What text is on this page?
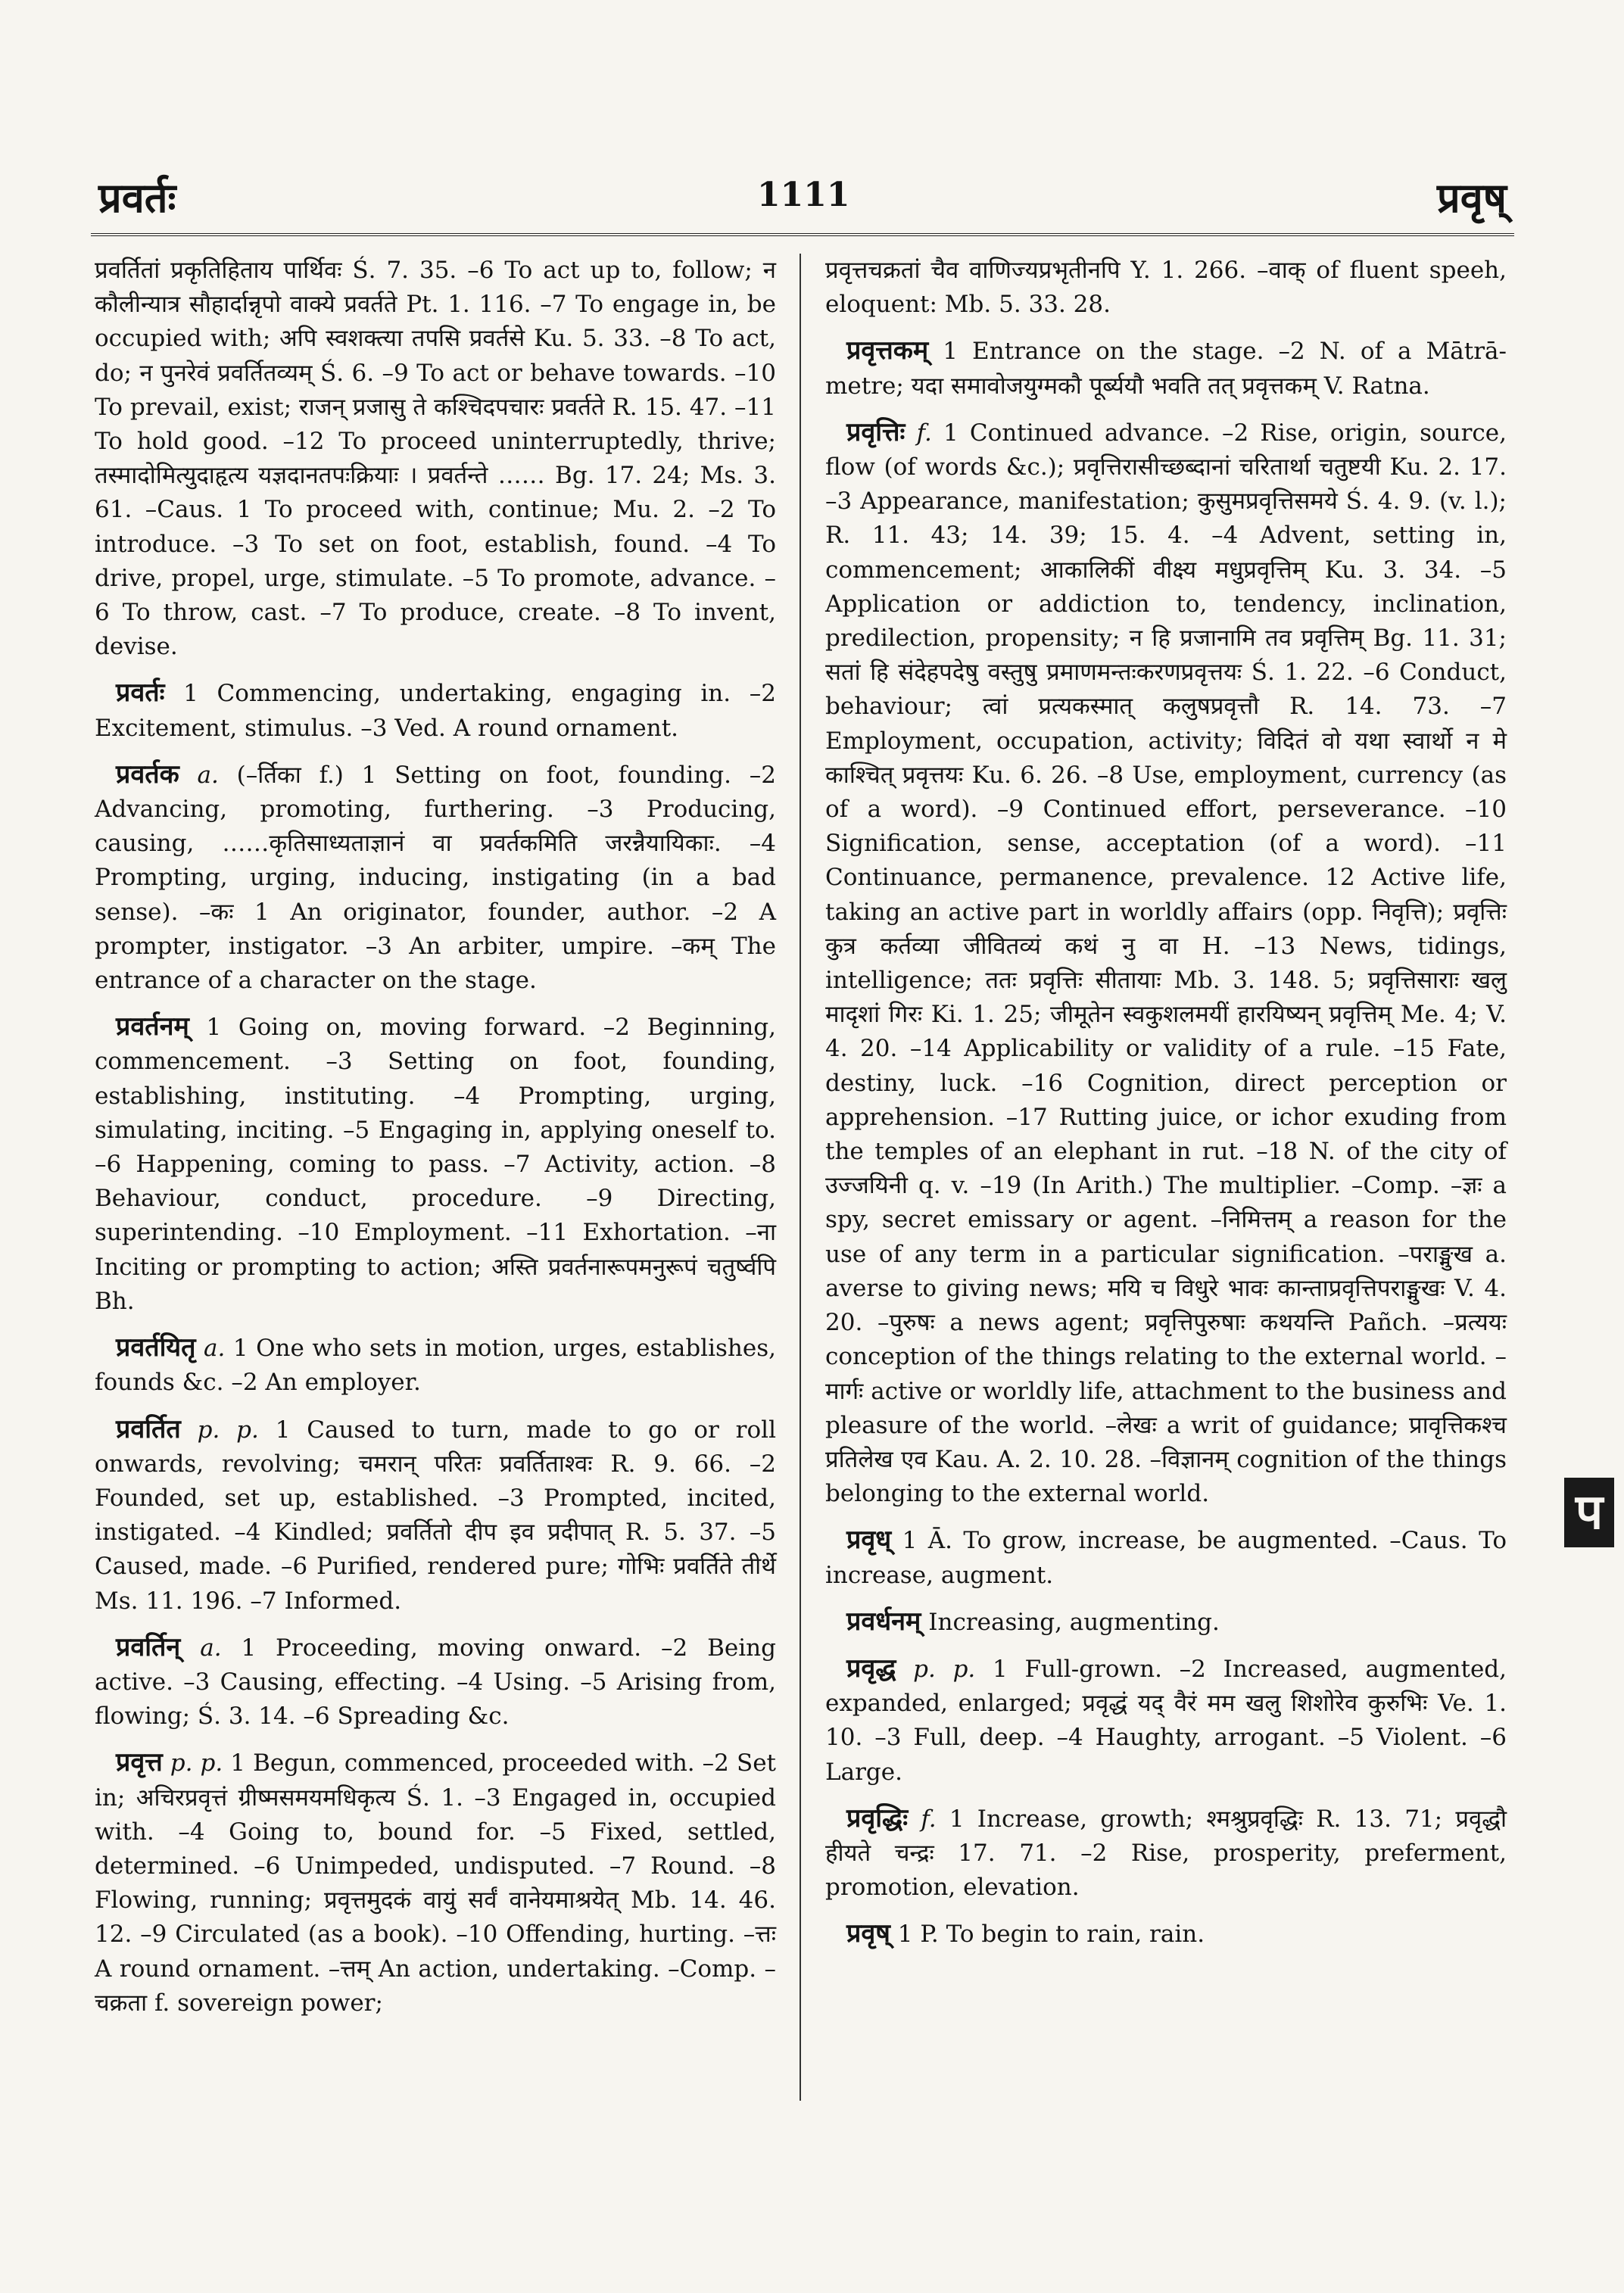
प्रवर्तः	1111	प्रवृष्

प्रवर्तितां प्रकृतिहिताय पार्थिवः Ś. 7. 35. –6 To act up to, follow; न कौलीन्यात्र सौहार्दान्नृपो वाक्ये प्रवर्तते Pt. 1. 116. –7 To engage in, be occupied with; अपि स्वशक्त्या तपसि प्रवर्तसे Ku. 5. 33. –8 To act, do; न पुनरेवं प्रवर्तितव्यम् Ś. 6. –9 To act or behave towards. –10 To prevail, exist; राजन् प्रजासु ते कश्चिदपचारः प्रवर्तते R. 15. 47. –11 To hold good. –12 To proceed uninterruptedly, thrive; तस्मादोमित्युदाहृत्य यज्ञदानतपःक्रियाः । प्रवर्तन्ते …… Bg. 17. 24; Ms. 3. 61. –Caus. 1 To proceed with, continue; Mu. 2. –2 To introduce. –3 To set on foot, establish, found. –4 To drive, propel, urge, stimulate. –5 To promote, advance. –6 To throw, cast. –7 To produce, create. –8 To invent, devise.

प्रवर्तः 1 Commencing, undertaking, engaging in. –2 Excitement, stimulus. –3 Ved. A round ornament.

प्रवर्तक a. (–र्तिका f.) 1 Setting on foot, founding. –2 Advancing, promoting, furthering. –3 Producing, causing, ……कृतिसाध्यताज्ञानं वा प्रवर्तकमिति जरन्नैयायिकाः. –4 Prompting, urging, inducing, instigating (in a bad sense). –कः 1 An originator, founder, author. –2 A prompter, instigator. –3 An arbiter, umpire. –कम् The entrance of a character on the stage.

प्रवर्तनम् 1 Going on, moving forward. –2 Beginning, commencement. –3 Setting on foot, founding, establishing, instituting. –4 Prompting, urging, simulating, inciting. –5 Engaging in, applying oneself to. –6 Happening, coming to pass. –7 Activity, action. –8 Behaviour, conduct, procedure. –9 Directing, superintending. –10 Employment. –11 Exhortation. –ना Inciting or prompting to action; अस्ति प्रवर्तनारूपमनुरूपं चतुर्ष्वपि Bh.

प्रवर्तयितृ a. 1 One who sets in motion, urges, establishes, founds &c. –2 An employer.

प्रवर्तित p. p. 1 Caused to turn, made to go or roll onwards, revolving; चमरान् परितः प्रवर्तिताश्वः R. 9. 66. –2 Founded, set up, established. –3 Prompted, incited, instigated. –4 Kindled; प्रवर्तितो दीप इव प्रदीपात् R. 5. 37. –5 Caused, made. –6 Purified, rendered pure; गोभिः प्रवर्तिते तीर्थे Ms. 11. 196. –7 Informed.

प्रवर्तिन् a. 1 Proceeding, moving onward. –2 Being active. –3 Causing, effecting. –4 Using. –5 Arising from, flowing; Ś. 3. 14. –6 Spreading &c.

प्रवृत्त p. p. 1 Begun, commenced, proceeded with. –2 Set in; अचिरप्रवृत्तं ग्रीष्मसमयमधिकृत्य Ś. 1. –3 Engaged in, occupied with. –4 Going to, bound for. –5 Fixed, settled, determined. –6 Unimpeded, undisputed. –7 Round. –8 Flowing, running; प्रवृत्तमुदकं वायुं सर्वं वानेयमाश्रयेत् Mb. 14. 46. 12. –9 Circulated (as a book). –10 Offending, hurting. –त्तः A round ornament. –त्तम् An action, undertaking. –Comp. –चक्रता f. sovereign power;

प्रवृत्तचक्रतां चैव वाणिज्यप्रभृतीनपि Y. 1. 266. –वाक् of fluent speeh, eloquent: Mb. 5. 33. 28.

प्रवृत्तकम् 1 Entrance on the stage. –2 N. of a Mātrā-metre; यदा समावोजयुग्मकौ पूर्ब्ययौ भवति तत् प्रवृत्तकम् V. Ratna.

प्रवृत्तिः f. 1 Continued advance. –2 Rise, origin, source, flow (of words &c.); प्रवृत्तिरासीच्छब्दानां चरितार्था चतुष्टयी Ku. 2. 17. –3 Appearance, manifestation; कुसुमप्रवृत्तिसमये Ś. 4. 9. (v. l.); R. 11. 43; 14. 39; 15. 4. –4 Advent, setting in, commencement; आकालिकीं वीक्ष्य मधुप्रवृत्तिम् Ku. 3. 34. –5 Application or addiction to, tendency, inclination, predilection, propensity; न हि प्रजानामि तव प्रवृत्तिम् Bg. 11. 31; सतां हि संदेहपदेषु वस्तुषु प्रमाणमन्तःकरणप्रवृत्तयः Ś. 1. 22. –6 Conduct, behaviour; त्वां प्रत्यकस्मात् कलुषप्रवृत्तौ R. 14. 73. –7 Employment, occupation, activity; विदितं वो यथा स्वार्थो न मे काश्चित् प्रवृत्तयः Ku. 6. 26. –8 Use, employment, currency (as of a word). –9 Continued effort, perseverance. –10 Signification, sense, acceptation (of a word). –11 Continuance, permanence, prevalence. 12 Active life, taking an active part in worldly affairs (opp. निवृत्ति); प्रवृत्तिः कुत्र कर्तव्या जीवितव्यं कथं नु वा H. –13 News, tidings, intelligence; ततः प्रवृत्तिः सीतायाः Mb. 3. 148. 5; प्रवृत्तिसाराः खलु मादृशां गिरः Ki. 1. 25; जीमूतेन स्वकुशलमयीं हारयिष्यन् प्रवृत्तिम् Me. 4; V. 4. 20. –14 Applicability or validity of a rule. –15 Fate, destiny, luck. –16 Cognition, direct perception or apprehension. –17 Rutting juice, or ichor exuding from the temples of an elephant in rut. –18 N. of the city of उज्जयिनी q. v. –19 (In Arith.) The multiplier. –Comp. –ज्ञः a spy, secret emissary or agent. –निमित्तम् a reason for the use of any term in a particular signification. –पराङ्मुख a. averse to giving news; मयि च विधुरे भावः कान्ताप्रवृत्तिपराङ्मुखः V. 4. 20. –पुरुषः a news agent; प्रवृत्तिपुरुषाः कथयन्ति Pañch. –प्रत्ययः conception of the things relating to the external world. –मार्गः active or worldly life, attachment to the business and pleasure of the world. –लेखः a writ of guidance; प्रावृत्तिकश्च प्रतिलेख एव Kau. A. 2. 10. 28. –विज्ञानम् cognition of the things belonging to the external world.

प्रवृध् 1 Ā. To grow, increase, be augmented. –Caus. To increase, augment.

प्रवर्धनम् Increasing, augmenting.

प्रवृद्ध p. p. 1 Full-grown. –2 Increased, augmented, expanded, enlarged; प्रवृद्धं यद् वैरं मम खलु शिशोरेव कुरुभिः Ve. 1. 10. –3 Full, deep. –4 Haughty, arrogant. –5 Violent. –6 Large.

प्रवृद्धिः f. 1 Increase, growth; श्मश्रुप्रवृद्धिः R. 13. 71; प्रवृद्धौ हीयते चन्द्रः 17. 71. –2 Rise, prosperity, preferment, promotion, elevation.

प्रवृष् 1 P. To begin to rain, rain.

प
